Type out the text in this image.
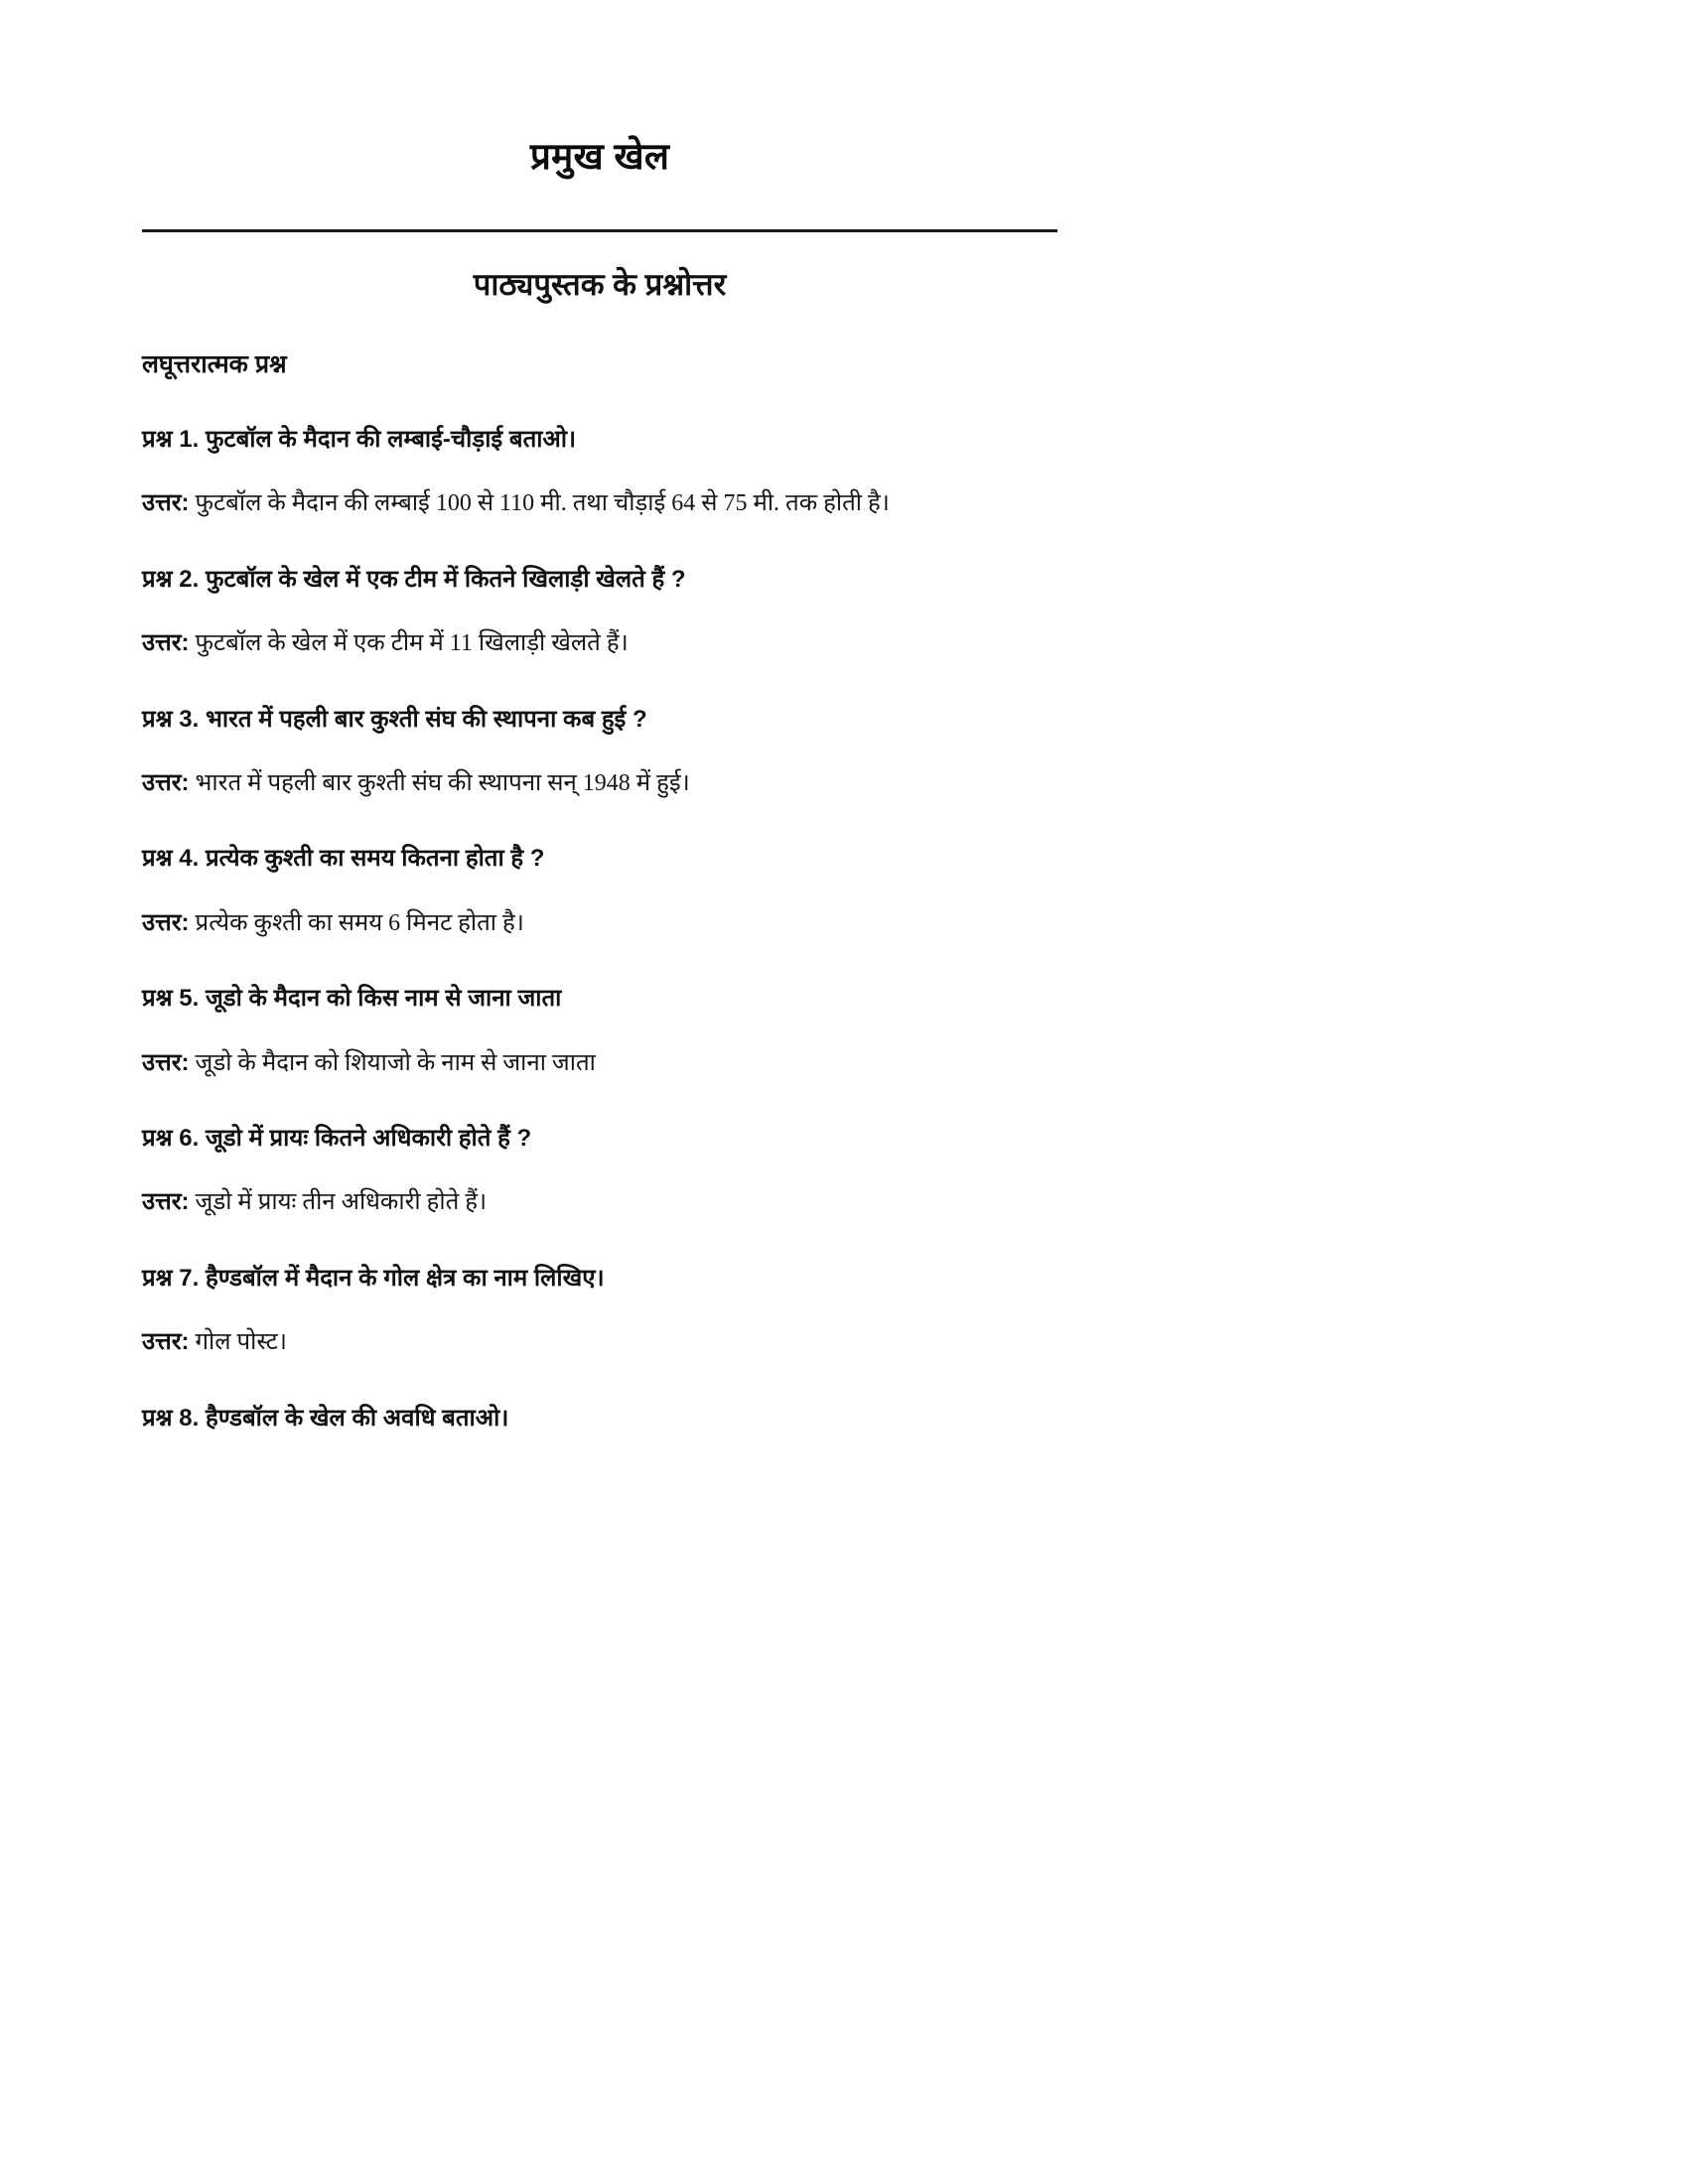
प्रमुख खेल
पाठ्यपुस्तक के प्रश्नोत्तर
लघूत्तरात्मक प्रश्न

प्रश्न 1. फुटबॉल के मैदान की लम्बाई-चौड़ाई बताओ।

उत्तर: फुटबॉल के मैदान की लम्बाई 100 से 110 मी. तथा चौड़ाई 64 से 75 मी. तक होती है।

प्रश्न 2. फुटबॉल के खेल में एक टीम में कितने खिलाड़ी खेलते हैं ?

उत्तर: फुटबॉल के खेल में एक टीम में 11 खिलाड़ी खेलते हैं।

प्रश्न 3. भारत में पहली बार कुश्ती संघ की स्थापना कब हुई ?

उत्तर: भारत में पहली बार कुश्ती संघ की स्थापना सन् 1948 में हुई।

प्रश्न 4. प्रत्येक कुश्ती का समय कितना होता है ?

उत्तर: प्रत्येक कुश्ती का समय 6 मिनट होता है।

प्रश्न 5. जूडो के मैदान को किस नाम से जाना जाता

उत्तर: जूडो के मैदान को शियाजो के नाम से जाना जाता

प्रश्न 6. जूडो में प्रायः कितने अधिकारी होते हैं ?

उत्तर: जूडो में प्रायः तीन अधिकारी होते हैं।

प्रश्न 7. हैण्डबॉल में मैदान के गोल क्षेत्र का नाम लिखिए।

उत्तर: गोल पोस्ट।

प्रश्न 8. हैण्डबॉल के खेल की अवधि बताओ।
